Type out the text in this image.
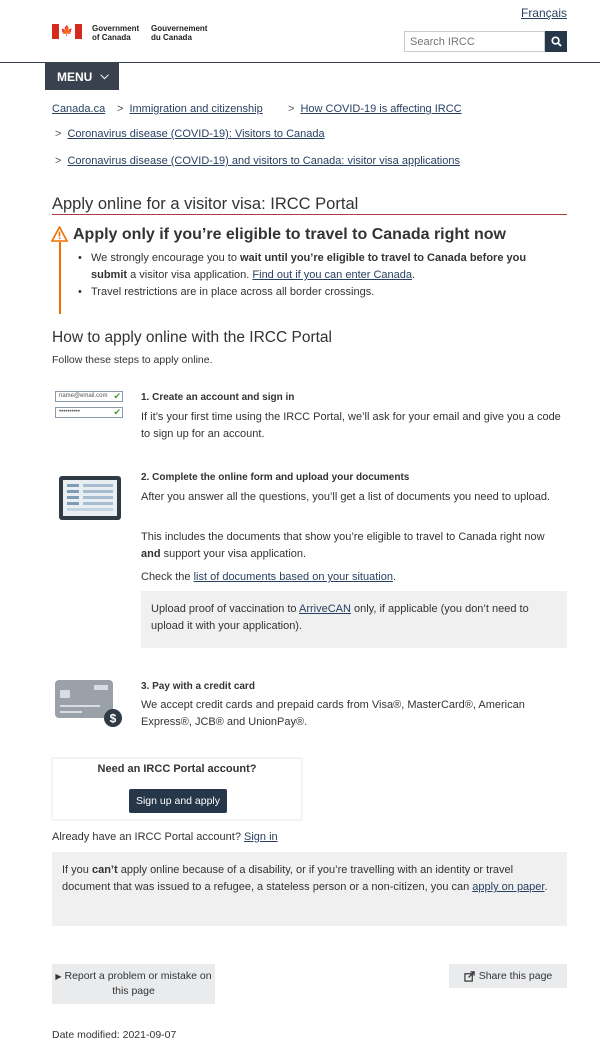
Français
🍁 Government
of Canada
Gouvernement
du Canada
Search IRCC
MENU ⌵
Canada.ca > Immigration and citizenship > How COVID-19 is affecting IRCC
> Coronavirus disease (COVID-19): Visitors to Canada
> Coronavirus disease (COVID-19) and visitors to Canada: visitor visa applications
Apply online for a visitor visa: IRCC Portal
Apply only if you’re eligible to travel to Canada right now
• We strongly encourage you to wait until you’re eligible to travel to Canada before you submit a visitor visa application. Find out if you can enter Canada.
• Travel restrictions are in place across all border crossings.
How to apply online with the IRCC Portal
Follow these steps to apply online.
name@email.com ✔
••••••••••	✔
1. Create an account and sign in
If it’s your first time using the IRCC Portal, we’ll ask for your email and give you a code to sign up for an account.
2. Complete the online form and upload your documents
After you answer all the questions, you’ll get a list of documents you need to upload.
This includes the documents that show you’re eligible to travel to Canada right now and support your visa application.
Check the list of documents based on your situation.
Upload proof of vaccination to ArriveCAN only, if applicable (you don’t need to upload it with your application).
$
3. Pay with a credit card
We accept credit cards and prepaid cards from Visa®, MasterCard®, American Express®, JCB® and UnionPay®.
Need an IRCC Portal account?
Sign up and apply
Already have an IRCC Portal account? Sign in
If you can’t apply online because of a disability, or if you’re travelling with an identity or travel document that was issued to a refugee, a stateless person or a non-citizen, you can apply on paper.
▶ Report a problem or mistake on this page
Share this page
Date modified: 2021-09-07
